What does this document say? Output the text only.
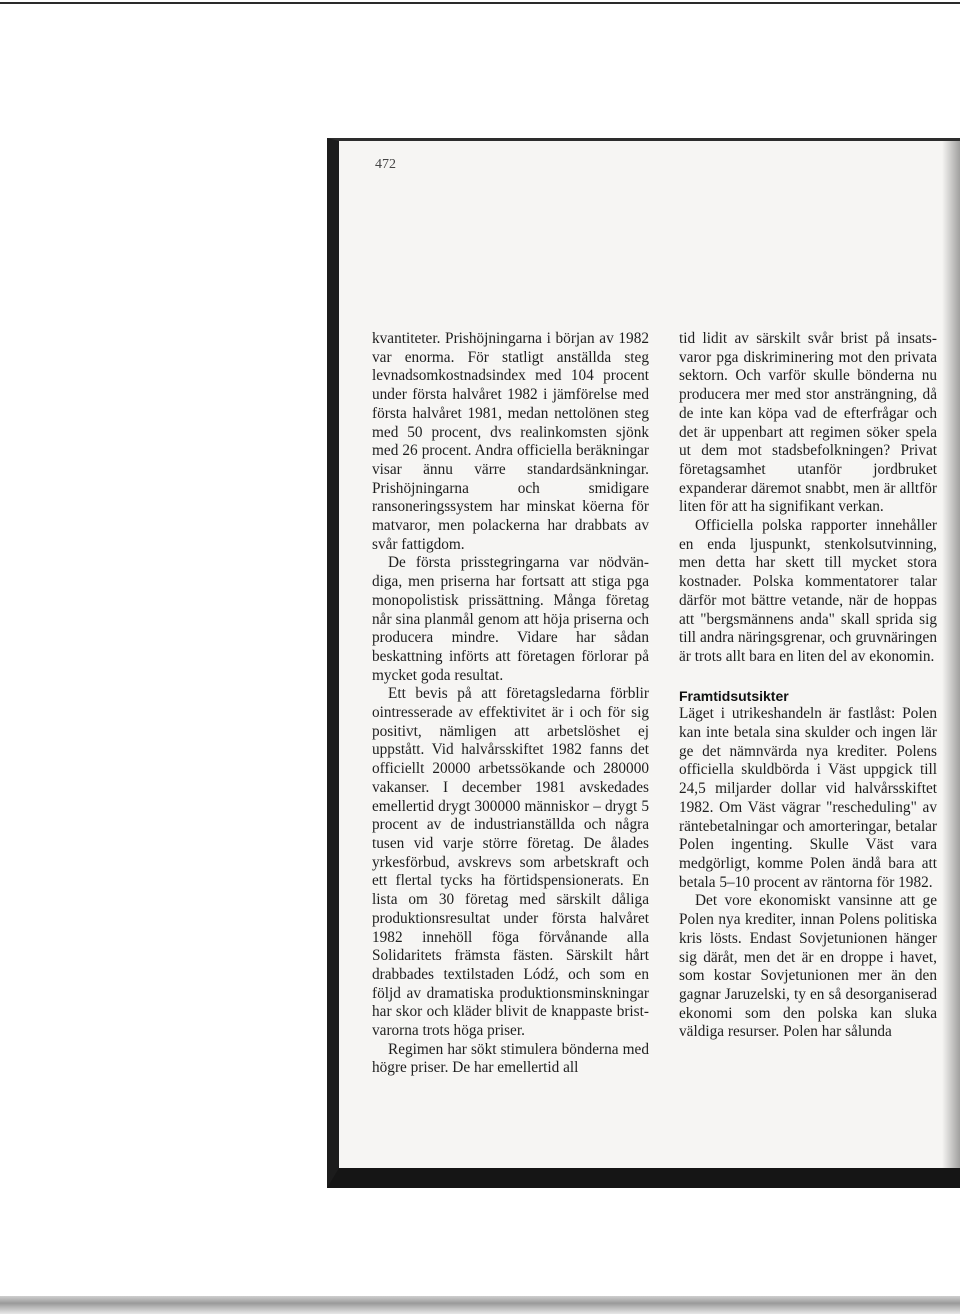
472

kvantiteter. Prishöjningarna i början av 1982 var enorma. För statligt anställda steg levnadsomkostnadsindex med 104 procent under första halvåret 1982 i jämförelse med första halvåret 1981, medan nettolönen steg med 50 procent, dvs realinkomsten sjönk med 26 procent. Andra officiella beräkningar visar ännu värre standardsänkningar. Prishöjningarna och smidigare ransoneringssystem har minskat köerna för matvaror, men polackerna har drabbats av svår fattigdom.

De första prisstegringarna var nödvändiga, men priserna har fortsatt att stiga pga monopolistisk prissättning. Många företag når sina planmål genom att höja priserna och producera mindre. Vidare har sådan beskattning införts att företagen förlorar på mycket goda resultat.

Ett bevis på att företagsledarna förblir ointresserade av effektivitet är i och för sig positivt, nämligen att arbetslöshet ej uppstått. Vid halvårsskiftet 1982 fanns det officiellt 20000 arbetssökande och 280000 vakanser. I december 1981 avskedades emellertid drygt 300000 människor – drygt 5 procent av de industrianställda och några tusen vid varje större företag. De ålades yrkesförbud, avskrevs som arbetskraft och ett flertal tycks ha förtidspensionerats. En lista om 30 företag med särskilt dåliga produktionsresultat under första halvåret 1982 innehöll föga förvånande alla Solidaritets främsta fästen. Särskilt hårt drabbades textilstaden Lódź, och som en följd av dramatiska produktionsminskningar har skor och kläder blivit de knappaste bristvarorna trots höga priser.

Regimen har sökt stimulera bönderna med högre priser. De har emellertid all

tid lidit av särskilt svår brist på insatsvaror pga diskriminering mot den privata sektorn. Och varför skulle bönderna nu producera mer med stor ansträngning, då de inte kan köpa vad de efterfrågar och det är uppenbart att regimen söker spela ut dem mot stadsbefolkningen? Privat företagsamhet utanför jordbruket expanderar däremot snabbt, men är alltför liten för att ha signifikant verkan.

Officiella polska rapporter innehåller en enda ljuspunkt, stenkolsutvinning, men detta har skett till mycket stora kostnader. Polska kommentatorer talar därför mot bättre vetande, när de hoppas att "bergsmännens anda" skall sprida sig till andra näringsgrenar, och gruvnäringen är trots allt bara en liten del av ekonomin.

Framtidsutsikter

Läget i utrikeshandeln är fastlåst: Polen kan inte betala sina skulder och ingen lär ge det nämnvärda nya krediter. Polens officiella skuldbörda i Väst uppgick till 24,5 miljarder dollar vid halvårsskiftet 1982. Om Väst vägrar "rescheduling" av räntebetalningar och amorteringar, betalar Polen ingenting. Skulle Väst vara medgörligt, komme Polen ändå bara att betala 5–10 procent av räntorna för 1982.

Det vore ekonomiskt vansinne att ge Polen nya krediter, innan Polens politiska kris lösts. Endast Sovjetunionen hänger sig däråt, men det är en droppe i havet, som kostar Sovjetunionen mer än den gagnar Jaruzelski, ty en så desorganiserad ekonomi som den polska kan sluka väldiga resurser. Polen har sålunda
